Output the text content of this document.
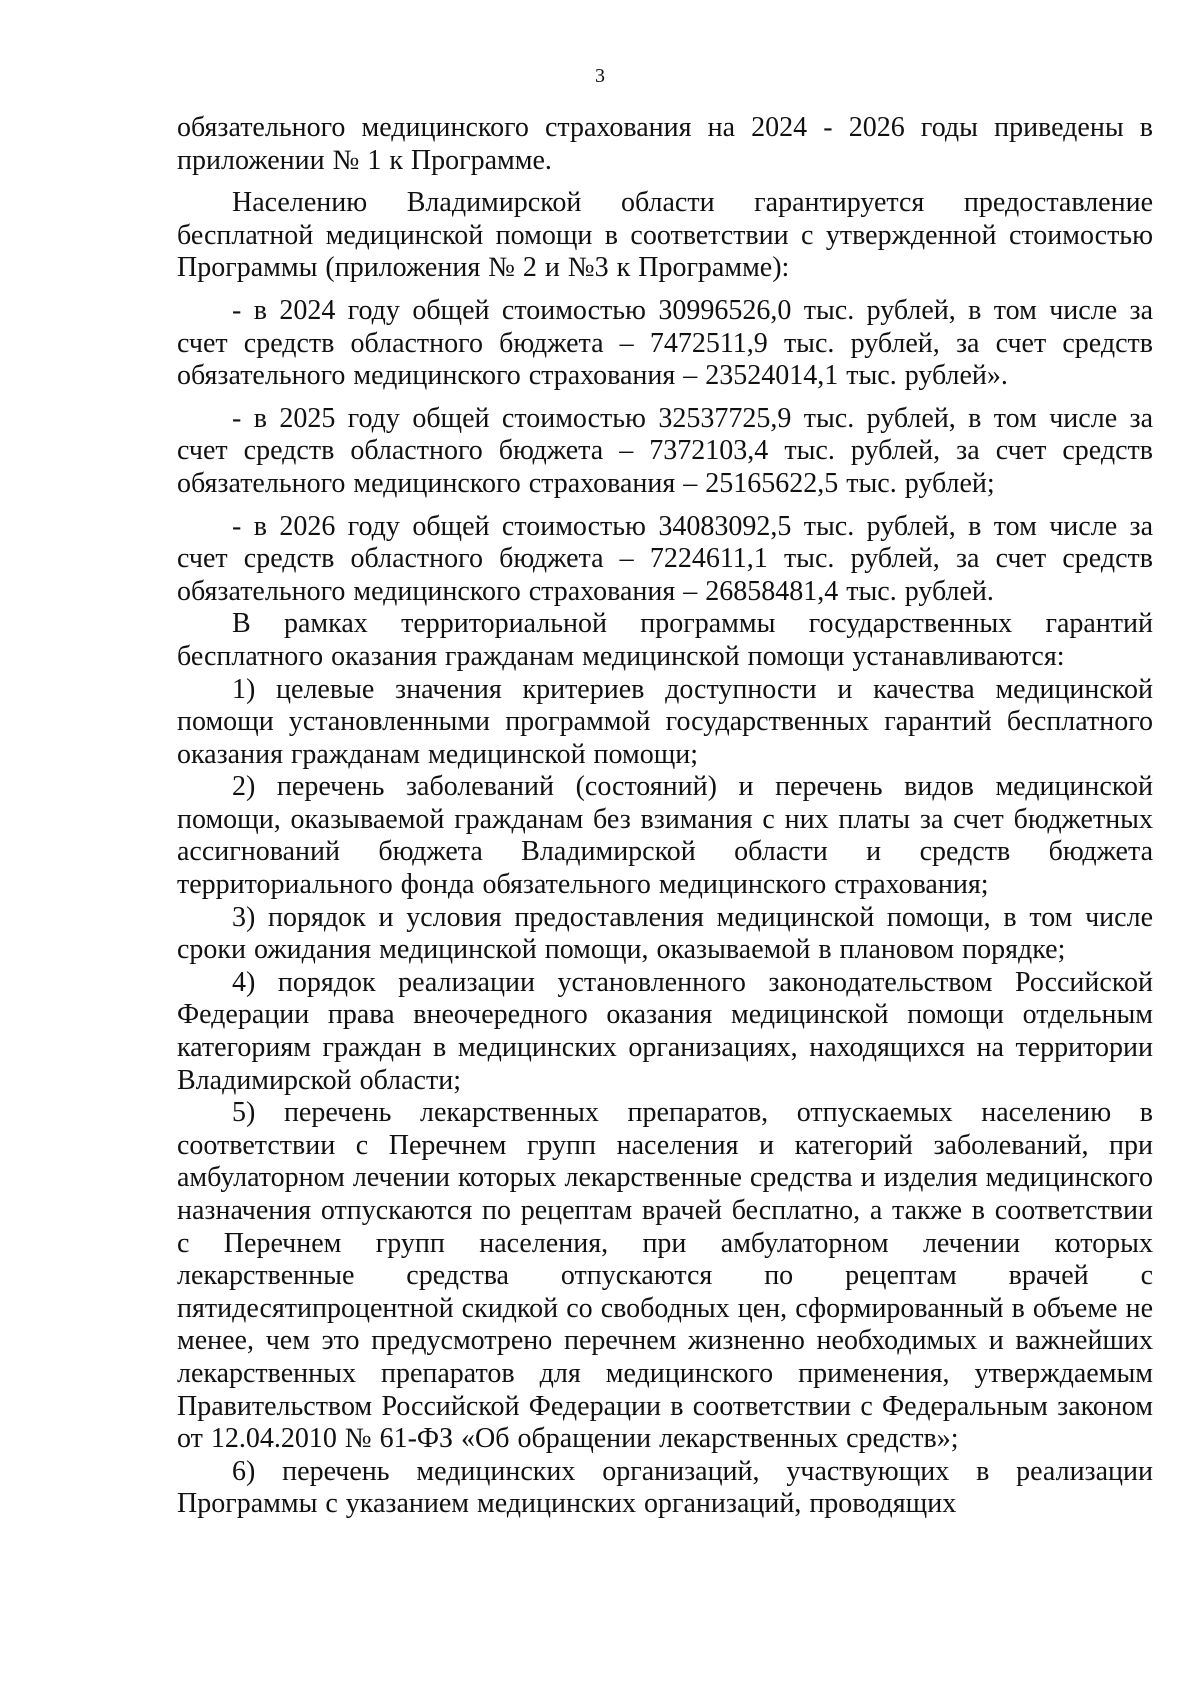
3

обязательного медицинского страхования на 2024 - 2026 годы приведены в приложении № 1 к Программе.

Населению Владимирской области гарантируется предоставление бесплатной медицинской помощи в соответствии с утвержденной стоимостью Программы (приложения № 2 и №3 к Программе):

- в 2024 году общей стоимостью 30996526,0 тыс. рублей, в том числе за счет средств областного бюджета – 7472511,9 тыс. рублей, за счет средств обязательного медицинского страхования – 23524014,1 тыс. рублей».

- в 2025 году общей стоимостью 32537725,9 тыс. рублей, в том числе за счет средств областного бюджета – 7372103,4 тыс. рублей, за счет средств обязательного медицинского страхования – 25165622,5 тыс. рублей;

- в 2026 году общей стоимостью 34083092,5 тыс. рублей, в том числе за счет средств областного бюджета – 7224611,1 тыс. рублей, за счет средств обязательного медицинского страхования – 26858481,4 тыс. рублей.

В рамках территориальной программы государственных гарантий бесплатного оказания гражданам медицинской помощи устанавливаются:

1) целевые значения критериев доступности и качества медицинской помощи установленными программой государственных гарантий бесплатного оказания гражданам медицинской помощи;

2) перечень заболеваний (состояний) и перечень видов медицинской помощи, оказываемой гражданам без взимания с них платы за счет бюджетных ассигнований бюджета Владимирской области и средств бюджета территориального фонда обязательного медицинского страхования;

3) порядок и условия предоставления медицинской помощи, в том числе сроки ожидания медицинской помощи, оказываемой в плановом порядке;

4) порядок реализации установленного законодательством Российской Федерации права внеочередного оказания медицинской помощи отдельным категориям граждан в медицинских организациях, находящихся на территории Владимирской области;

5) перечень лекарственных препаратов, отпускаемых населению в соответствии с Перечнем групп населения и категорий заболеваний, при амбулаторном лечении которых лекарственные средства и изделия медицинского назначения отпускаются по рецептам врачей бесплатно, а также в соответствии с Перечнем групп населения, при амбулаторном лечении которых лекарственные средства отпускаются по рецептам врачей с пятидесятипроцентной скидкой со свободных цен, сформированный в объеме не менее, чем это предусмотрено перечнем жизненно необходимых и важнейших лекарственных препаратов для медицинского применения, утверждаемым Правительством Российской Федерации в соответствии с Федеральным законом от 12.04.2010 № 61-ФЗ «Об обращении лекарственных средств»;

6) перечень медицинских организаций, участвующих в реализации Программы с указанием медицинских организаций, проводящих
